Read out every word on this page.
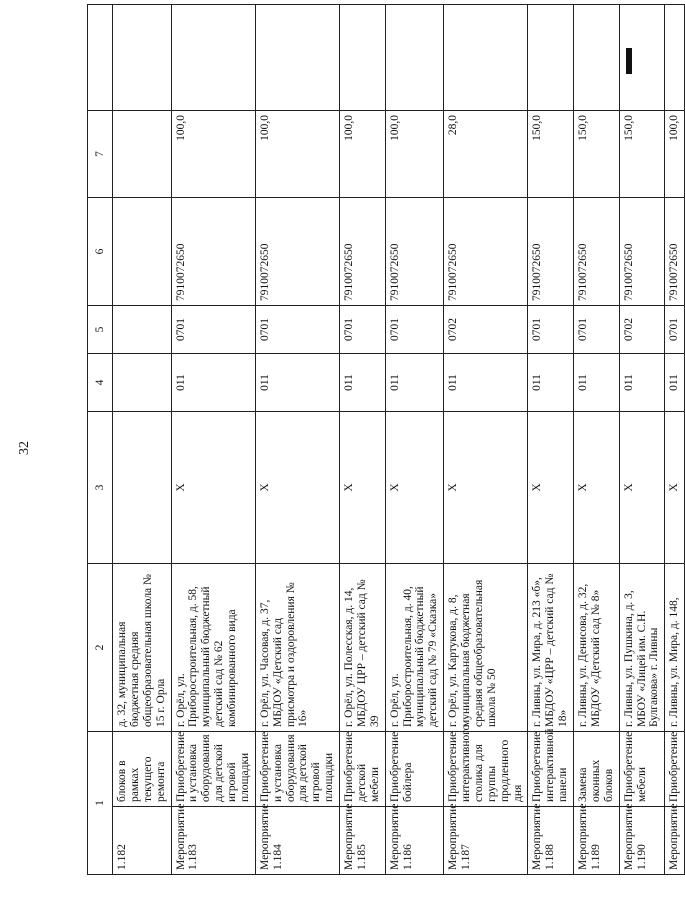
32
1		2	3	4	5	6	7	
1.182	блоков в рамках текущего ремонта	д. 32, муниципальная бюджетная средняя общеобразовательная школа № 15 г. Орла						
Мероприятие 1.183	Приобретение и установка оборудования для детской игровой площадки	г. Орёл, ул. Приборостроительная, д. 58, муниципальный бюджетный детский сад № 62 комбинированного вида	Х	011	0701	7910072650	100,0	
Мероприятие 1.184	Приобретение и установка оборудования для детской игровой площадки	г. Орёл, ул. Часовая, д. 37, МБДОУ «Детский сад присмотра и оздоровления № 16»	Х	011	0701	7910072650	100,0	
Мероприятие 1.185	Приобретение детской мебели	г. Орёл, ул. Полесская, д. 14, МБДОУ ЦРР – детский сад № 39	Х	011	0701	7910072650	100,0	
Мероприятие 1.186	Приобретение бойлера	г. Орёл, ул. Приборостроительная, д. 40, муниципальный бюджетный детский сад № 79 «Сказка»	Х	011	0701	7910072650	100,0	
Мероприятие 1.187	Приобретение интерактивного столика для группы продленного дня	г. Орёл, ул. Картукова, д. 8, муниципальная бюджетная средняя общеобразовательная школа № 50	Х	011	0702	7910072650	28,0	
Мероприятие 1.188	Приобретение интерактивной панели	г. Ливны, ул. Мира, д. 213 «б», МБДОУ «ЦРР – детский сад № 18»	Х	011	0701	7910072650	150,0	
Мероприятие 1.189	Замена оконных блоков	г. Ливны, ул. Денисова, д. 32, МБДОУ «Детский сад № 8»	Х	011	0701	7910072650	150,0	
Мероприятие 1.190	Приобретение мебели	г. Ливны, ул. Пушкина, д. 3, МБОУ «Лицей им. С.Н. Булгакова» г. Ливны	Х	011	0702	7910072650	150,0	
Мероприятие	Приобретение	г. Ливны, ул. Мира, д. 148,	Х	011	0701	7910072650	100,0	
